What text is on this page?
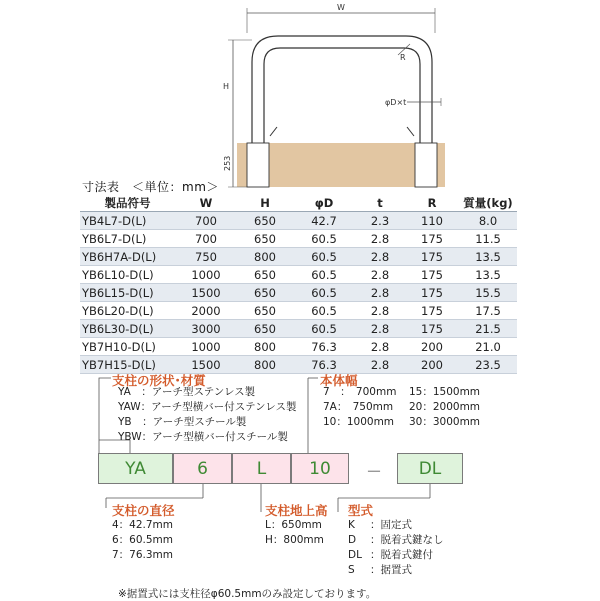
W
H
R
φD×t
253
寸法表　＜単位：mm＞
製品符号	W	H	φD	t	R	質量(kg)
YB4L7-D(L)	700	650	42.7	2.3	110	8.0
YB6L7-D(L)	700	650	60.5	2.8	175	11.5
YB6H7A-D(L)	750	800	60.5	2.8	175	13.5
YB6L10-D(L)	1000	650	60.5	2.8	175	13.5
YB6L15-D(L)	1500	650	60.5	2.8	175	15.5
YB6L20-D(L)	2000	650	60.5	2.8	175	17.5
YB6L30-D(L)	3000	650	60.5	2.8	175	21.5
YB7H10-D(L)	1000	800	76.3	2.8	200	21.0
YB7H15-D(L)	1500	800	76.3	2.8	200	23.5
支柱の形状･材質
YA　：アーチ型ステンレス製
YAW：アーチ型横バー付ステンレス製
YB　：アーチ型スチール製
YBW：アーチ型横バー付スチール製
本体幅
7　：　700mm	15：1500mm
7A：　750mm	20：2000mm
10：1000mm	30：3000mm
YA	6	L	10	－	DL
支柱の直径
4：42.7mm
6：60.5mm
7：76.3mm
支柱地上高
L：650mm
H：800mm
型式
K	：固定式
D	：脱着式鍵なし
DL ：脱着式鍵付
S	：据置式
※据置式には支柱径φ60.5mmのみ設定しております。
